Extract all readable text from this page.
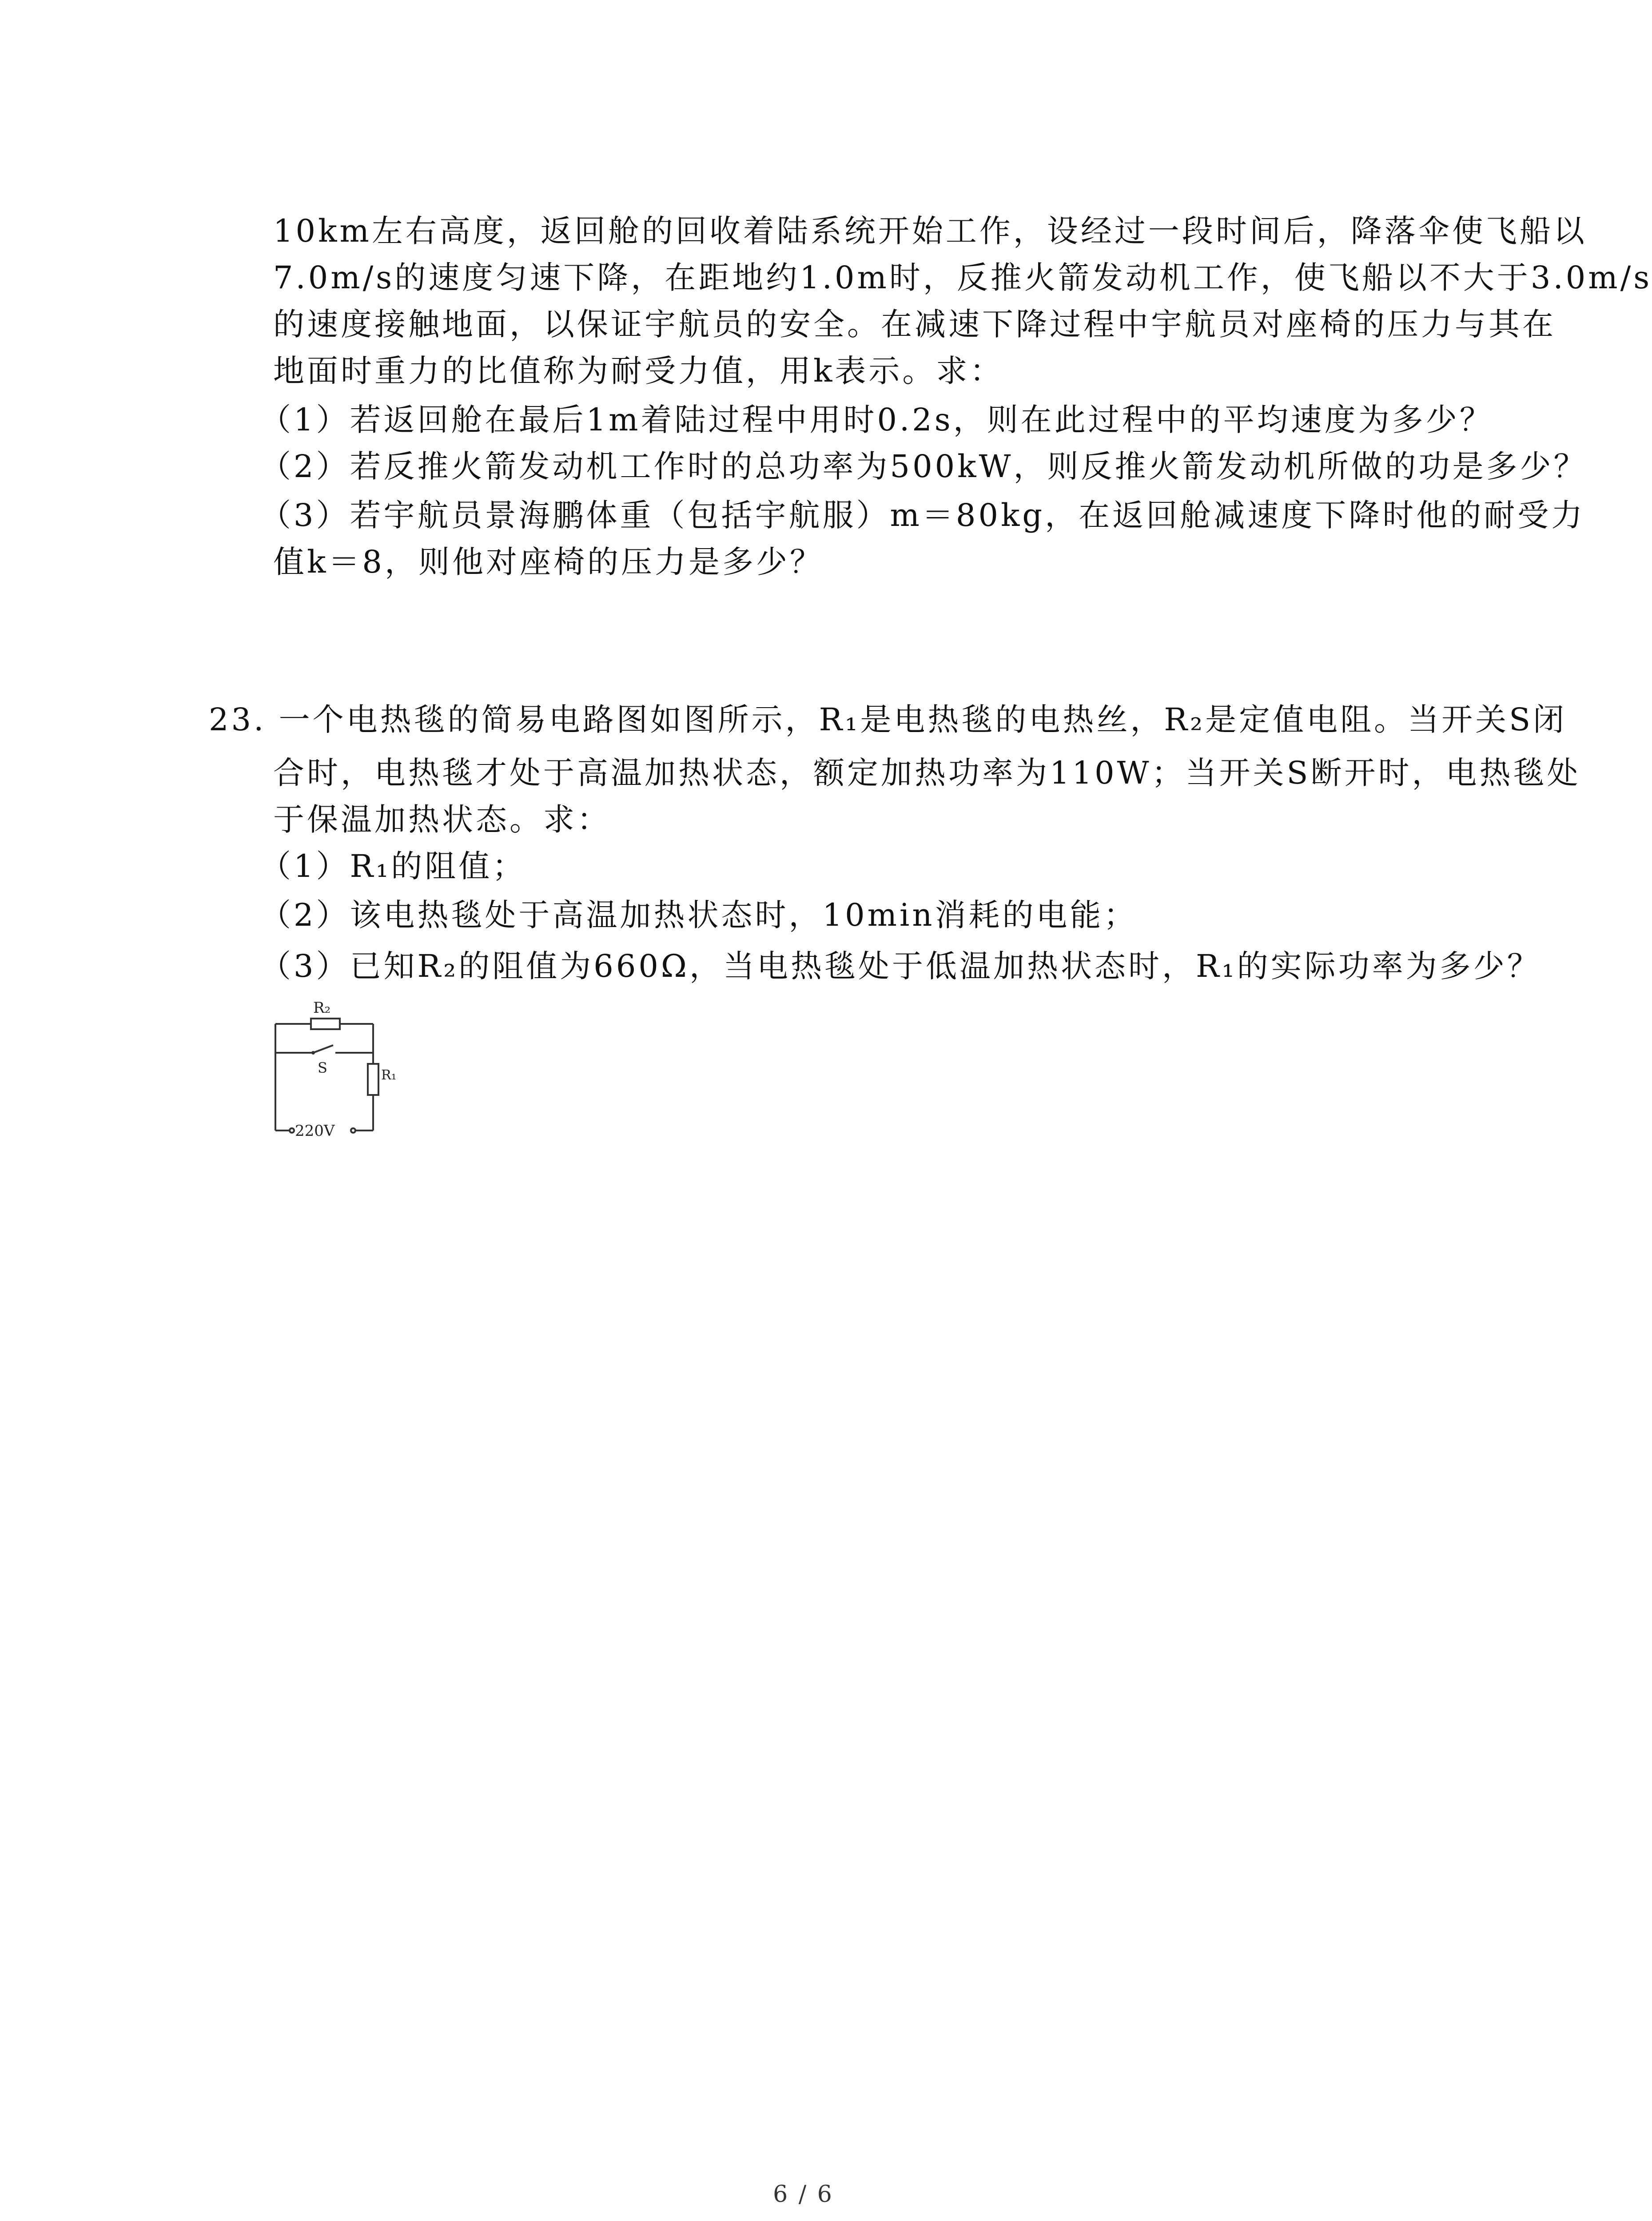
10km左右高度，返回舱的回收着陆系统开始工作，设经过一段时间后，降落伞使飞船以
7.0m/s的速度匀速下降，在距地约1.0m时，反推火箭发动机工作，使飞船以不大于3.0m/s
的速度接触地面，以保证宇航员的安全。在减速下降过程中宇航员对座椅的压力与其在
地面时重力的比值称为耐受力值，用k表示。求：
（1）若返回舱在最后1m着陆过程中用时0.2s，则在此过程中的平均速度为多少？
（2）若反推火箭发动机工作时的总功率为500kW，则反推火箭发动机所做的功是多少？
（3）若宇航员景海鹏体重（包括宇航服）m＝80kg，在返回舱减速度下降时他的耐受力
值k＝8，则他对座椅的压力是多少？
23. 一个电热毯的简易电路图如图所示，R₁是电热毯的电热丝，R₂是定值电阻。当开关S闭
合时，电热毯才处于高温加热状态，额定加热功率为110W；当开关S断开时，电热毯处
于保温加热状态。求：
（1）R₁的阻值；
（2）该电热毯处于高温加热状态时，10min消耗的电能；
（3）已知R₂的阻值为660Ω，当电热毯处于低温加热状态时，R₁的实际功率为多少？
R₂
S	R₁
220V
6 / 6
